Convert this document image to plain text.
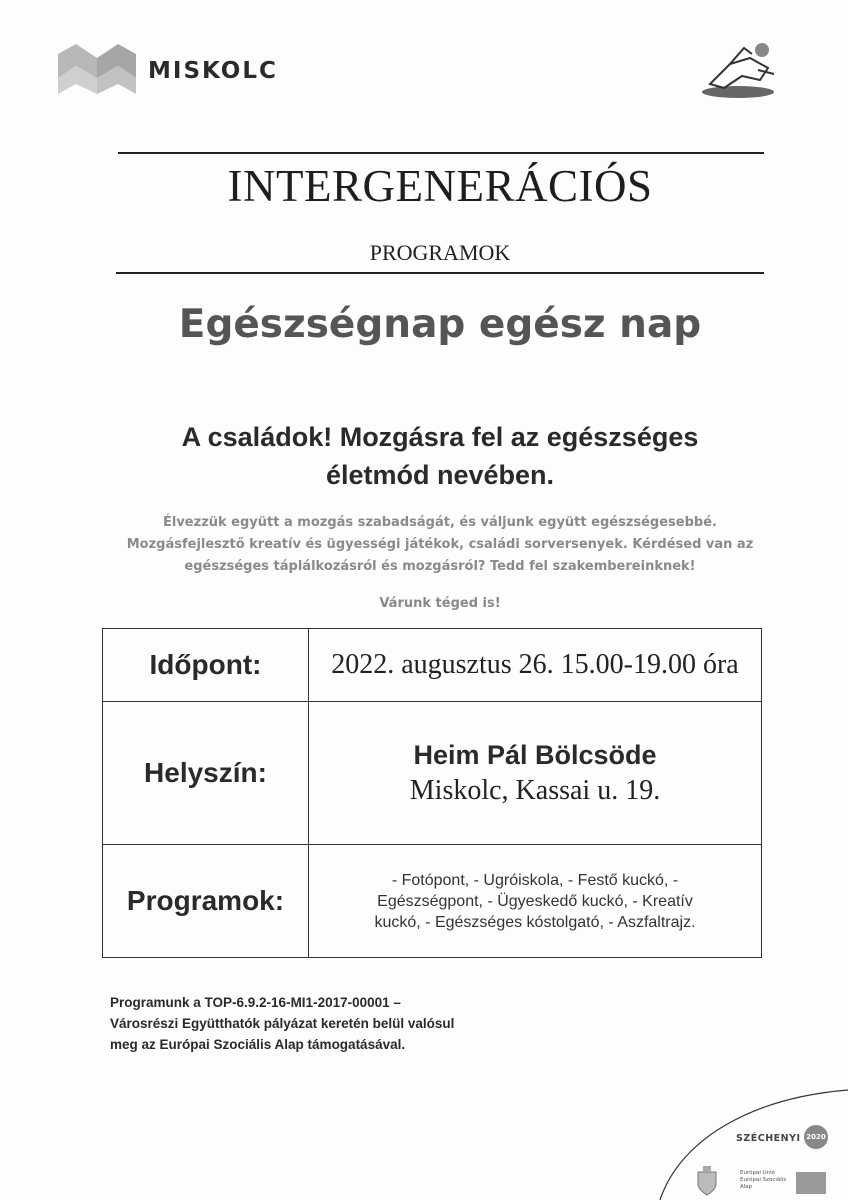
MISKOLC
INTERGENERÁCIÓS
PROGRAMOK
Egészségnap egész nap
A családok! Mozgásra fel az egészséges
életmód nevében.
Élvezzük együtt a mozgás szabadságát, és váljunk együtt egészségesebbé.
Mozgásfejlesztő kreatív és ügyességi játékok, családi sorversenyek. Kérdésed van az
egészséges táplálkozásról és mozgásról? Tedd fel szakembereinknek!
Várunk téged is!
Időpont:	2022. augusztus 26. 15.00-19.00 óra
Helyszín:
Heim Pál Bölcsöde
Miskolc, Kassai u. 19.
Programok:
- Fotópont, - Ugróiskola, - Festő kuckó, - Egészségpont, - Ügyeskedő kuckó, - Kreatív kuckó, - Egészséges kóstolgató, - Aszfaltrajz.
Programunk a TOP-6.9.2-16-MI1-2017-00001 –
Városrészi Együtthatók pályázat keretén belül valósul
meg az Európai Szociális Alap támogatásával.
SZÉCHENYI 2020
Európai Unió
Európai Szociális
Alap
